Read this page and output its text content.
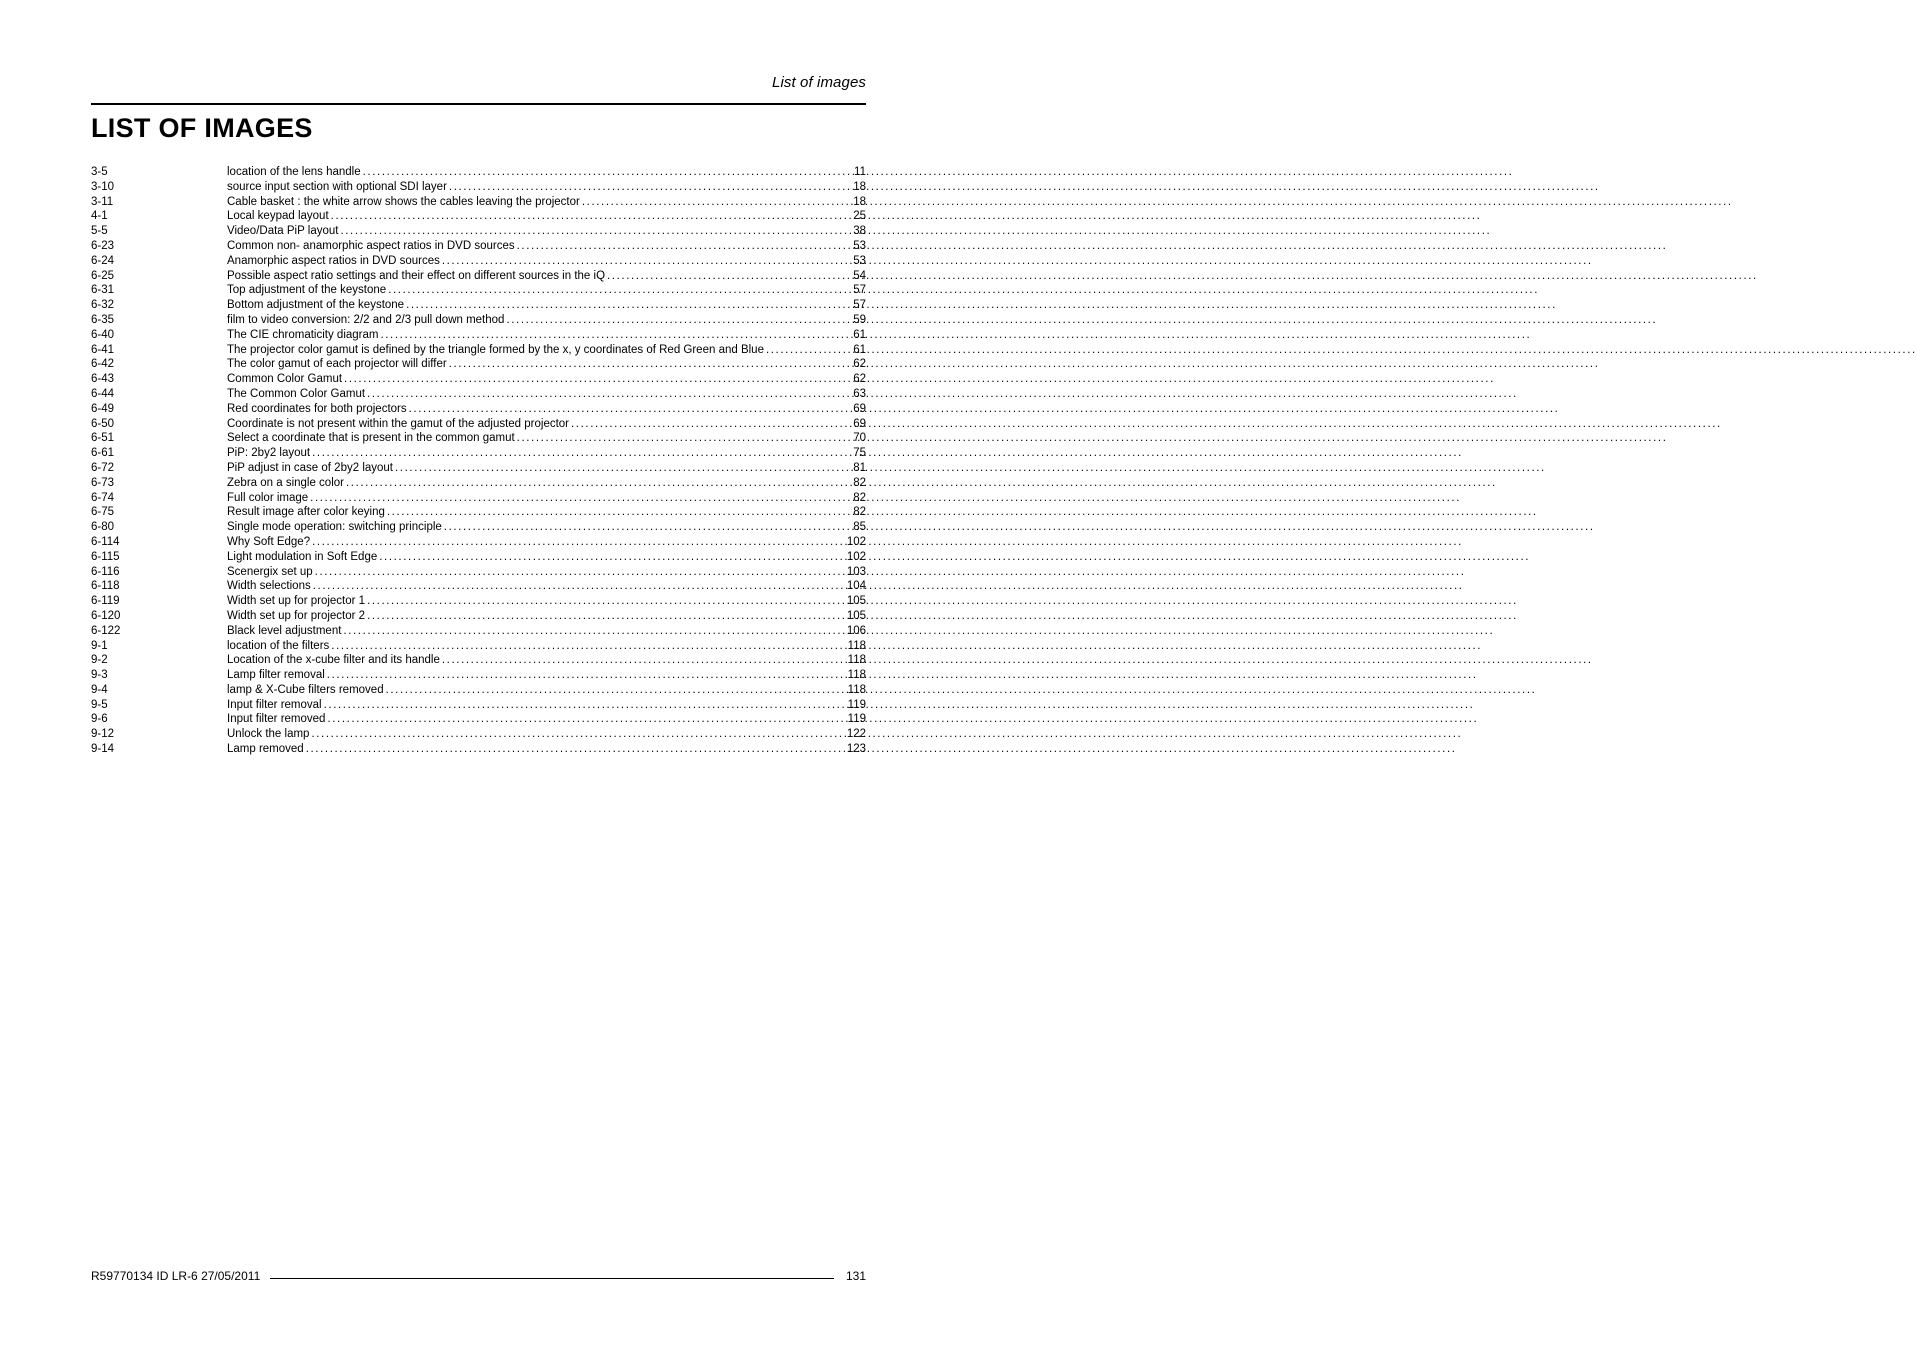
List of images
LIST OF IMAGES
3-5	location of the lens handle .....	11
3-10	source input section with optional SDI layer .....	18
3-11	Cable basket : the white arrow shows the cables leaving the projector .....	18
4-1	Local keypad layout .....	25
5-5	Video/Data PiP layout .....	38
6-23	Common non- anamorphic aspect ratios in DVD sources .....	53
6-24	Anamorphic aspect ratios in DVD sources .....	53
6-25	Possible aspect ratio settings and their effect on different sources in the iQ .....	54
6-31	Top adjustment of the keystone .....	57
6-32	Bottom adjustment of the keystone .....	57
6-35	film to video conversion: 2/2 and 2/3 pull down method .....	59
6-40	The CIE chromaticity diagram .....	61
6-41	The projector color gamut is defined by the triangle formed by the x, y coordinates of Red Green and Blue .....	61
6-42	The color gamut of each projector will differ .....	62
6-43	Common Color Gamut .....	62
6-44	The Common Color Gamut .....	63
6-49	Red coordinates for both projectors .....	69
6-50	Coordinate is not present within the gamut of the adjusted projector .....	69
6-51	Select a coordinate that is present in the common gamut .....	70
6-61	PiP: 2by2 layout .....	75
6-72	PiP adjust in case of 2by2 layout .....	81
6-73	Zebra on a single color .....	82
6-74	Full color image .....	82
6-75	Result image after color keying .....	82
6-80	Single mode operation: switching principle .....	85
6-114	Why Soft Edge? .....	102
6-115	Light modulation in Soft Edge .....	102
6-116	Scenergix set up .....	103
6-118	Width selections .....	104
6-119	Width set up for projector 1 .....	105
6-120	Width set up for projector 2 .....	105
6-122	Black level adjustment .....	106
9-1	location of the filters .....	118
9-2	Location of the x-cube filter and its handle .....	118
9-3	Lamp filter removal .....	118
9-4	lamp & X-Cube filters removed .....	118
9-5	Input filter removal .....	119
9-6	Input filter removed .....	119
9-12	Unlock the lamp .....	122
9-14	Lamp removed .....	123
R59770134 ID LR-6 27/05/2011	131
